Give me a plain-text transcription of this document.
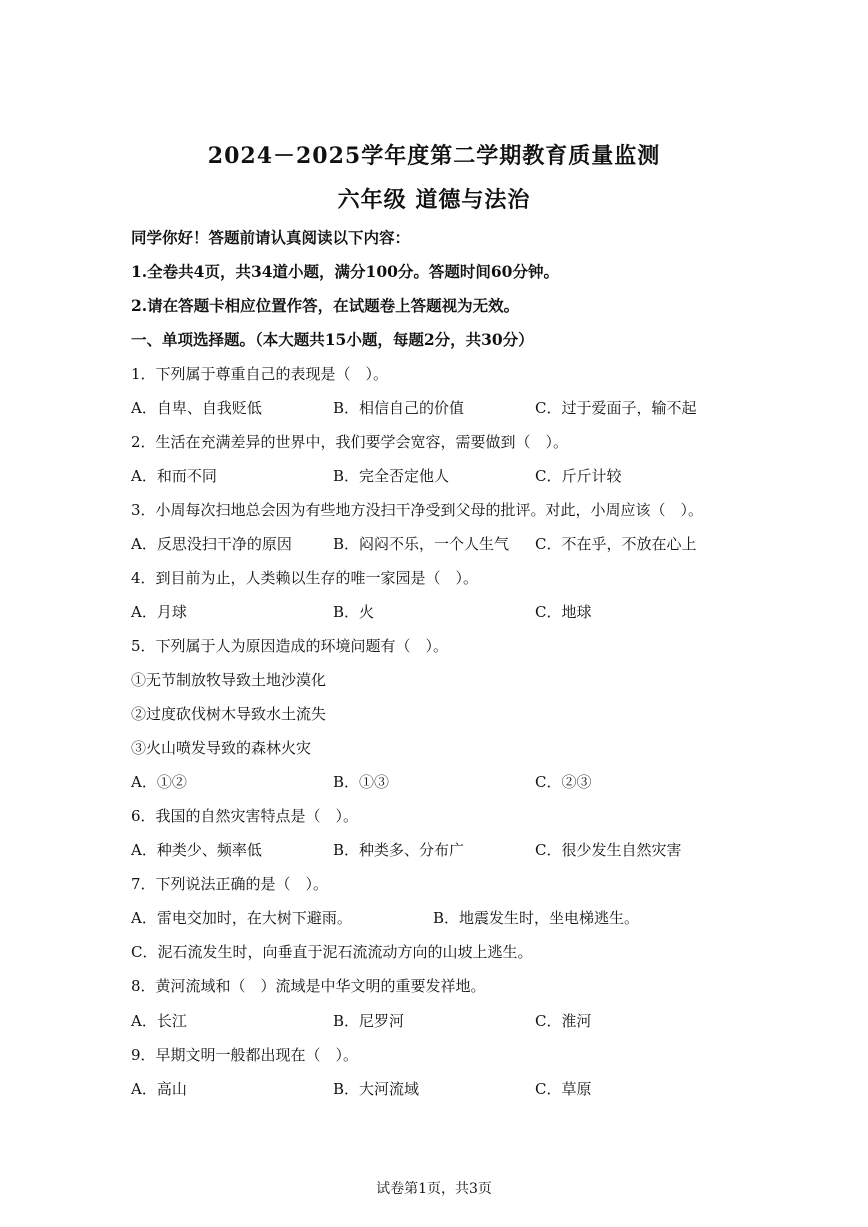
2024－2025学年度第二学期教育质量监测
六年级 道德与法治
同学你好！答题前请认真阅读以下内容：
1.全卷共4页，共34道小题，满分100分。答题时间60分钟。
2.请在答题卡相应位置作答，在试题卷上答题视为无效。
一、单项选择题。（本大题共15小题，每题2分，共30分）
1．下列属于尊重自己的表现是（　）。
A．自卑、自我贬低	B．相信自己的价值	C．过于爱面子，输不起
2．生活在充满差异的世界中，我们要学会宽容，需要做到（　）。
A．和而不同	B．完全否定他人	C．斤斤计较
3．小周每次扫地总会因为有些地方没扫干净受到父母的批评。对此，小周应该（　）。
A．反思没扫干净的原因	B．闷闷不乐，一个人生气 C．不在乎，不放在心上
4．到目前为止，人类赖以生存的唯一家园是（　）。
A．月球	B．火	C．地球
5．下列属于人为原因造成的环境问题有（　）。
①无节制放牧导致土地沙漠化
②过度砍伐树木导致水土流失
③火山喷发导致的森林火灾
A．①②	B．①③	C．②③
6．我国的自然灾害特点是（　）。
A．种类少、频率低	B．种类多、分布广	C．很少发生自然灾害
7．下列说法正确的是（　）。
A．雷电交加时，在大树下避雨。	B．地震发生时，坐电梯逃生。
C．泥石流发生时，向垂直于泥石流流动方向的山坡上逃生。
8．黄河流域和（　）流域是中华文明的重要发祥地。
A．长江	B．尼罗河	C．淮河
9．早期文明一般都出现在（　）。
A．高山	B．大河流域	C．草原
试卷第1页，共3页
